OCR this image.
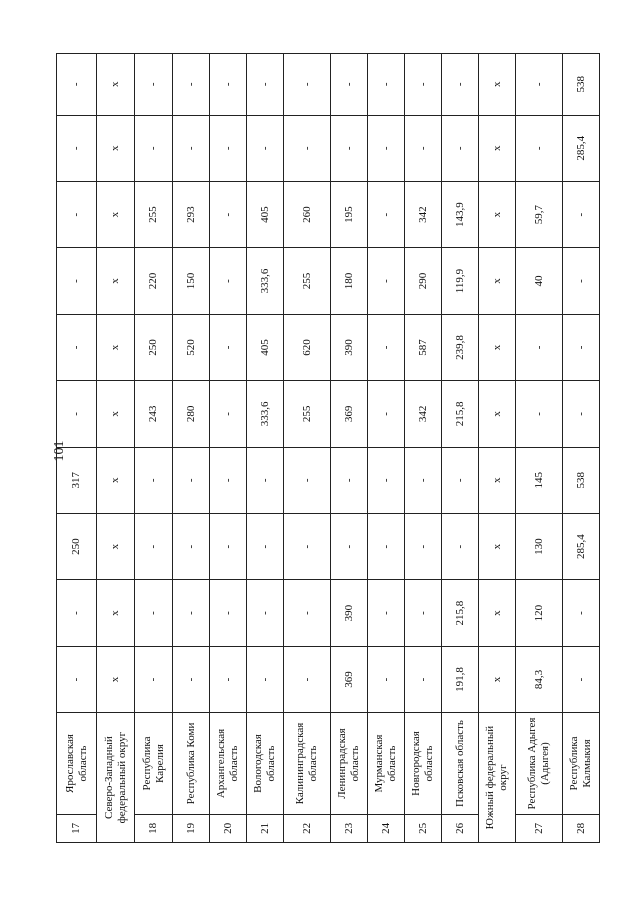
101
17	Ярославская область	-	-	250	317	-	-	-	-	-	-
Северо-Западный федеральный округ		x	x	x	x	x	x	x	x	x	x
18	Республика Карелия	-	-	-	-	243	250	220	255	-	-
19	Республика Коми	-	-	-	-	280	520	150	293	-	-
20	Архангельская область	-	-	-	-	-	-	-	-	-	-
21	Вологодская область	-	-	-	-	333,6	405	333,6	405	-	-
22	Калининградская область	-	-	-	-	255	620	255	260	-	-
23	Ленинградская область	369	390	-	-	369	390	180	195	-	-
24	Мурманская область	-	-	-	-	-	-	-	-	-	-
25	Новгородская область	-	-	-	-	342	587	290	342	-	-
26	Псковская область	191,8	215,8	-	-	215,8	239,8	119,9	143,9	-	-
Южный федеральный округ		x	x	x	x	x	x	x	x	x	x
27	Республика Адыгея (Адыгея)	84,3	120	130	145	-	-	40	59,7	-	-
28	Республика Калмыкия	-	-	285,4	538	-	-	-	-	285,4	538
